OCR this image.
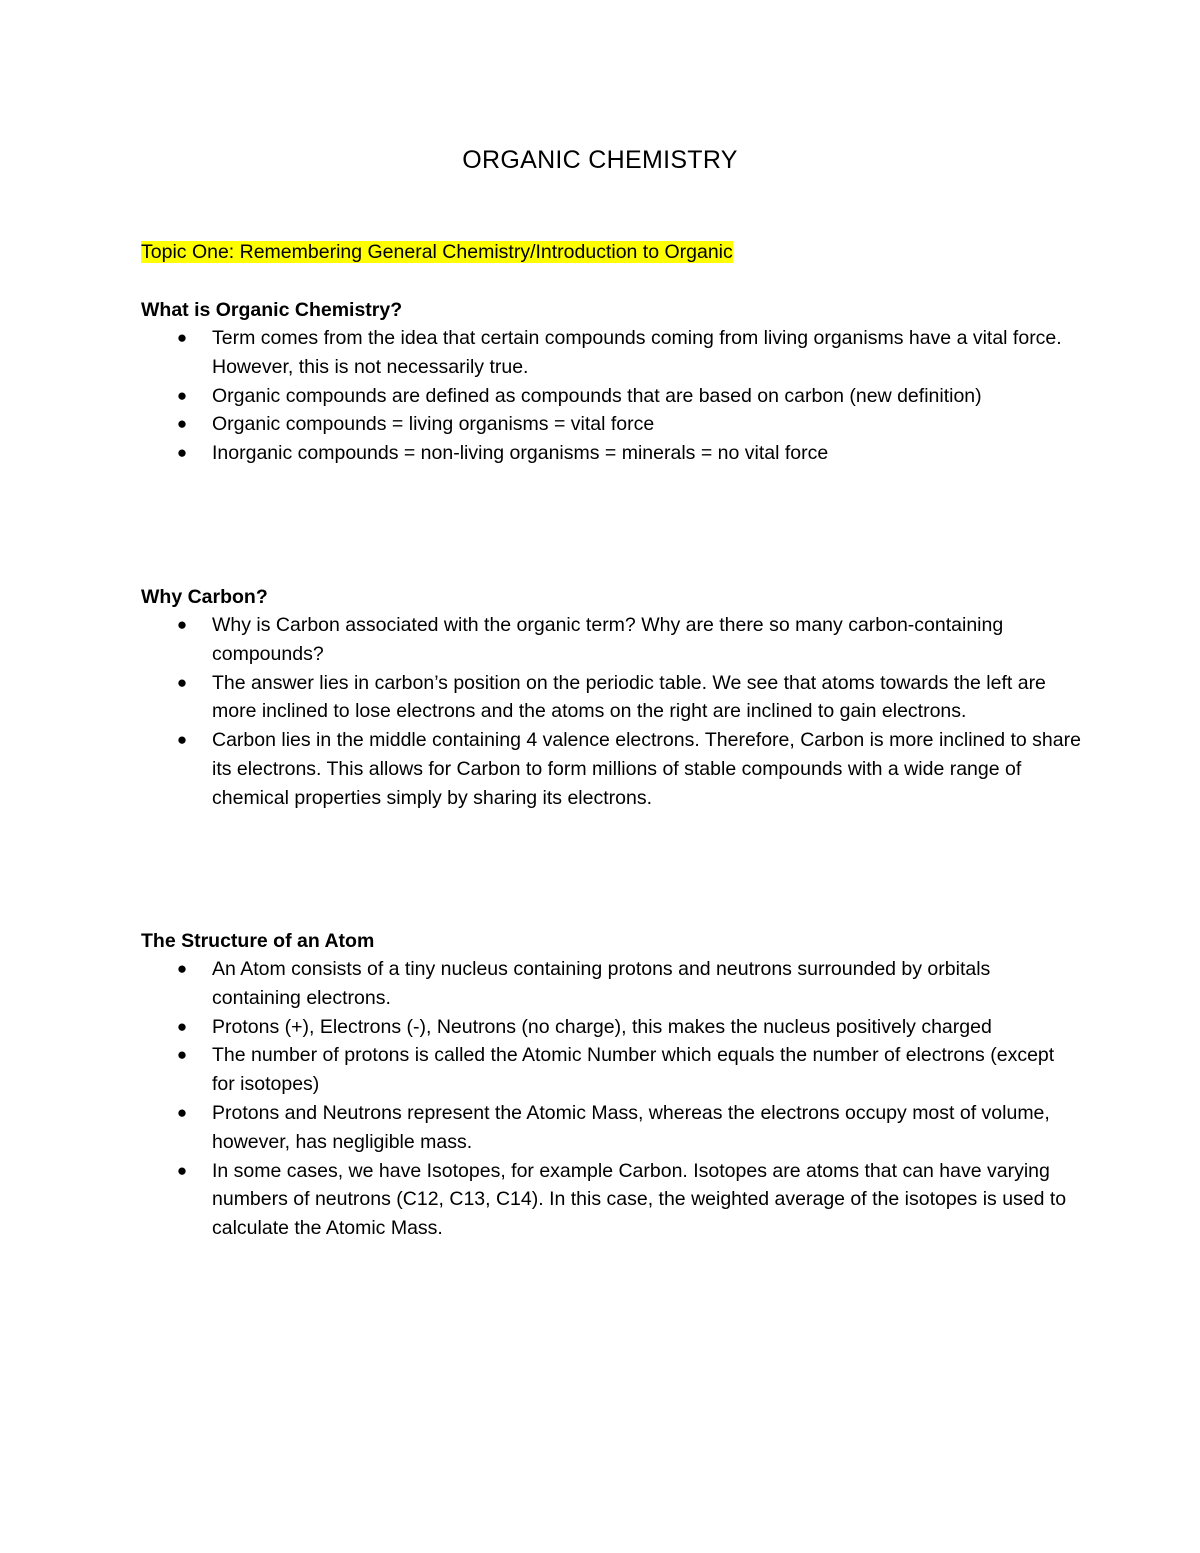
ORGANIC CHEMISTRY

Topic One: Remembering General Chemistry/Introduction to Organic

What is Organic Chemistry?
● Term comes from the idea that certain compounds coming from living organisms have a vital force. However, this is not necessarily true.
● Organic compounds are defined as compounds that are based on carbon (new definition)
● Organic compounds = living organisms = vital force
● Inorganic compounds = non-living organisms = minerals = no vital force
Why Carbon?
● Why is Carbon associated with the organic term? Why are there so many carbon-containing compounds?
● The answer lies in carbon’s position on the periodic table. We see that atoms towards the left are more inclined to lose electrons and the atoms on the right are inclined to gain electrons.
● Carbon lies in the middle containing 4 valence electrons. Therefore, Carbon is more inclined to share its electrons. This allows for Carbon to form millions of stable compounds with a wide range of chemical properties simply by sharing its electrons.
The Structure of an Atom
● An Atom consists of a tiny nucleus containing protons and neutrons surrounded by orbitals containing electrons.
● Protons (+), Electrons (-), Neutrons (no charge), this makes the nucleus positively charged
● The number of protons is called the Atomic Number which equals the number of electrons (except for isotopes)
● Protons and Neutrons represent the Atomic Mass, whereas the electrons occupy most of volume, however, has negligible mass.
● In some cases, we have Isotopes, for example Carbon. Isotopes are atoms that can have varying numbers of neutrons (C12, C13, C14). In this case, the weighted average of the isotopes is used to calculate the Atomic Mass.
